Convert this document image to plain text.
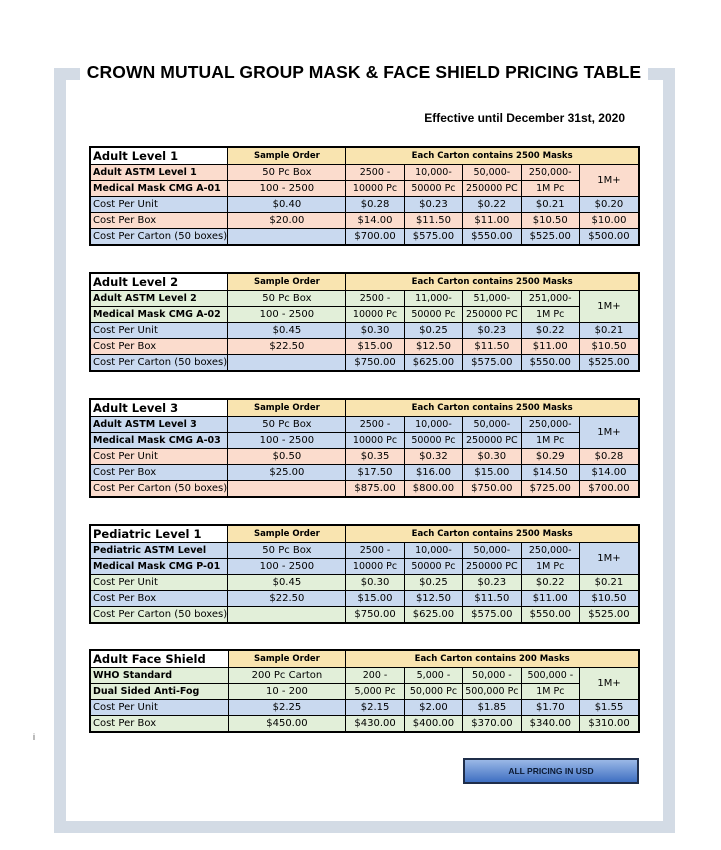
CROWN MUTUAL GROUP MASK & FACE SHIELD PRICING TABLE
Effective until December 31st, 2020
i
Adult Level 1	Sample Order	Each Carton contains 2500 Masks				
Adult ASTM Level 1	50 Pc Box	2500 -	10,000-	50,000-	250,000-	1M+
Medical Mask CMG A-01	100 - 2500	10000 Pc	50000 Pc	250000 PC	1M Pc	
Cost Per Unit	$0.40	$0.28	$0.23	$0.22	$0.21	$0.20
Cost Per Box	$20.00	$14.00	$11.50	$11.00	$10.50	$10.00
Cost Per Carton (50 boxes)		$700.00	$575.00	$550.00	$525.00	$500.00
Adult Level 2	Sample Order	Each Carton contains 2500 Masks				
Adult ASTM Level 2	50 Pc Box	2500 -	11,000-	51,000-	251,000-	1M+
Medical Mask CMG A-02	100 - 2500	10000 Pc	50000 Pc	250000 PC	1M Pc	
Cost Per Unit	$0.45	$0.30	$0.25	$0.23	$0.22	$0.21
Cost Per Box	$22.50	$15.00	$12.50	$11.50	$11.00	$10.50
Cost Per Carton (50 boxes)		$750.00	$625.00	$575.00	$550.00	$525.00
Adult Level 3	Sample Order	Each Carton contains 2500 Masks				
Adult ASTM Level 3	50 Pc Box	2500 -	10,000-	50,000-	250,000-	1M+
Medical Mask CMG A-03	100 - 2500	10000 Pc	50000 Pc	250000 PC	1M Pc	
Cost Per Unit	$0.50	$0.35	$0.32	$0.30	$0.29	$0.28
Cost Per Box	$25.00	$17.50	$16.00	$15.00	$14.50	$14.00
Cost Per Carton (50 boxes)		$875.00	$800.00	$750.00	$725.00	$700.00
Pediatric Level 1	Sample Order	Each Carton contains 2500 Masks				
Pediatric ASTM Level	50 Pc Box	2500 -	10,000-	50,000-	250,000-	1M+
Medical Mask CMG P-01	100 - 2500	10000 Pc	50000 Pc	250000 PC	1M Pc	
Cost Per Unit	$0.45	$0.30	$0.25	$0.23	$0.22	$0.21
Cost Per Box	$22.50	$15.00	$12.50	$11.50	$11.00	$10.50
Cost Per Carton (50 boxes)		$750.00	$625.00	$575.00	$550.00	$525.00
Adult Face Shield	Sample Order	Each Carton contains 200 Masks				
WHO Standard	200 Pc Carton	200 -	5,000 -	50,000 -	500,000 -	1M+
Dual Sided Anti-Fog	10 - 200	5,000 Pc	50,000 Pc	500,000 Pc	1M Pc	
Cost Per Unit	$2.25	$2.15	$2.00	$1.85	$1.70	$1.55
Cost Per Box	$450.00	$430.00	$400.00	$370.00	$340.00	$310.00
ALL PRICING IN USD
